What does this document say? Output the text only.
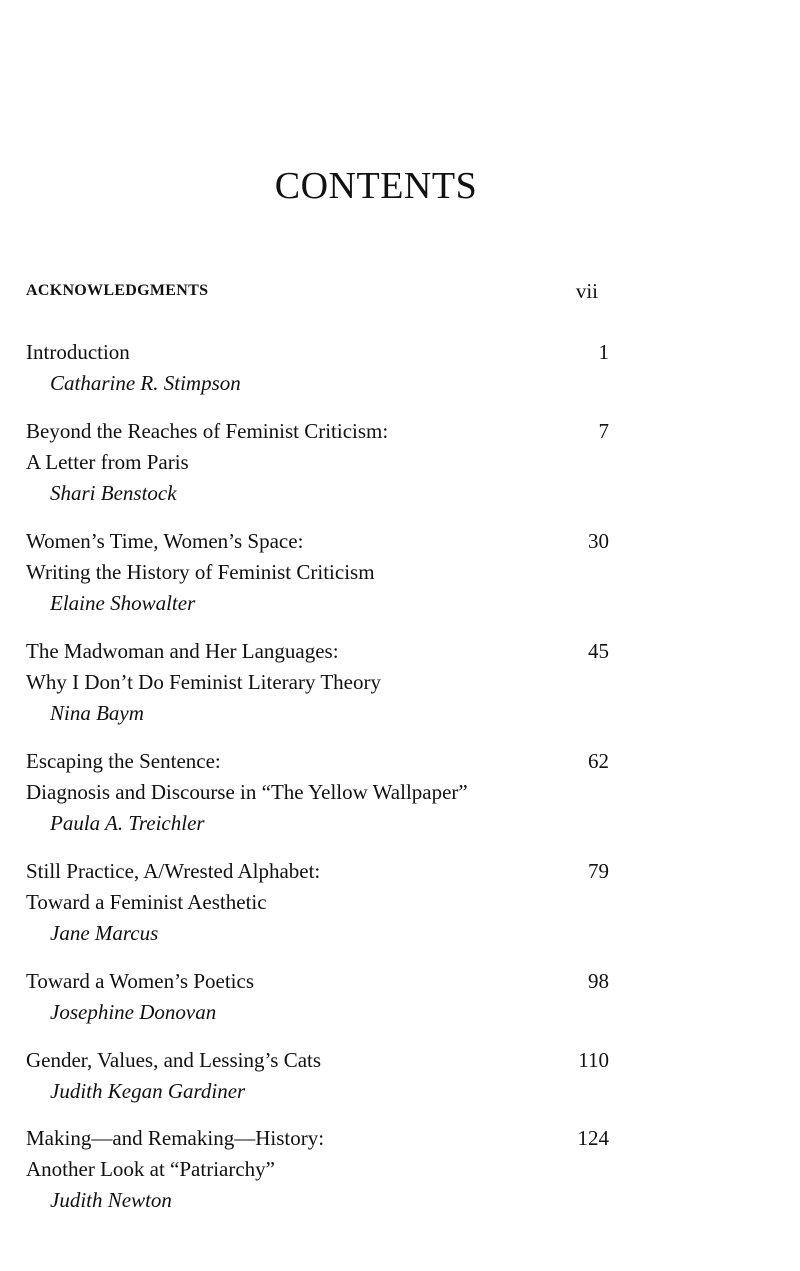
CONTENTS
ACKNOWLEDGMENTS	vii
Introduction	1
Catharine R. Stimpson
Beyond the Reaches of Feminist Criticism:	7
A Letter from Paris
Shari Benstock
Women’s Time, Women’s Space:	30
Writing the History of Feminist Criticism
Elaine Showalter
The Madwoman and Her Languages:	45
Why I Don’t Do Feminist Literary Theory
Nina Baym
Escaping the Sentence:	62
Diagnosis and Discourse in “The Yellow Wallpaper”
Paula A. Treichler
Still Practice, A/Wrested Alphabet:	79
Toward a Feminist Aesthetic
Jane Marcus
Toward a Women’s Poetics	98
Josephine Donovan
Gender, Values, and Lessing’s Cats	110
Judith Kegan Gardiner
Making—and Remaking—History:	124
Another Look at “Patriarchy”
Judith Newton
